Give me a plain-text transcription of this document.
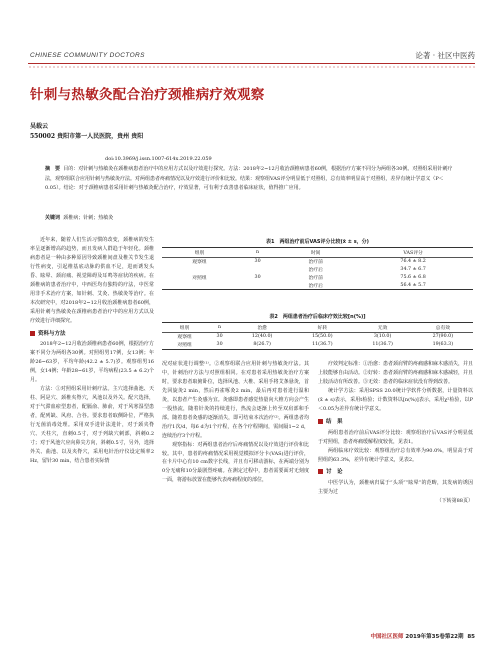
CHINESE COMMUNITY DOCTORS	论著 · 社区中医药
针刺与热敏灸配合治疗颈椎病疗效观察
吴载云
550002 贵阳市第一人民医院，贵州 贵阳
doi:10.3969/j.issn.1007-614x.2019.22.059
摘　要 目的：对针刺与热敏灸在颈椎病患者治疗中的应用方式以及疗效进行探究。方法：2018年2~12月收治颈椎病患者60例，根据治疗方案不同分为两组各30例。对照组采用针刺疗法，观察组联合应用针刺与热敏灸疗法。对两组患者疼痛情况以及疗效进行评价和比较。结果：观察组VAS评分明显低于对照组，总有效率明显高于对照组，差异有统计学意义（P＜0.05）。结论：对于颈椎病患者采用针刺与热敏灸配合治疗，疗效显著，可有利于改善患者临床症状，值得推广应用。
关键词 颈椎病；针刺；热敏灸

近年来，随着人们生活习惯的改变，颈椎病的发生率呈逐渐增高的趋势，而且发病人群趋于年轻化。颈椎病患者是一种由多种原因导致颈椎间盘及椎关节发生退行性病变，引起椎基底动脉的供血不足，进而诱发头昏、眩晕、颈肩痛、视觉障碍及耳鸣等症状的疾病。在颈椎病的患者治疗中，中西医均有独特的疗法，中医常用非手术治疗方案，如针刺、艾灸、热敏灸等治疗。在本次研究中，对2018年2~12月收治颈椎病患者60例，采用针刺与热敏灸在颈椎病患者治疗中的应用方式以及疗效进行详细探究。

资料与方法

2018年2~12月收治颈椎病患者60例，根据治疗方案不同分为两组各30例。对照组男17例，女13例；年龄26~63岁，平均年龄(42.2 ± 5.7)岁。观察组男16例，女14例；年龄28~61岁，平均病程(23.5 ± 6.2)个月。

方法：①对照组采用针刺疗法。主穴选择曲池、天柱、阿是穴、颈椎夹脊穴，风池以及外关。配穴选择，对于气滞血瘀型患者，配膈俞、肺俞，对于风寒湿型患者，配列缺、风府、合谷。要求患者取侧卧位，严格执行无菌消毒处理。采用双手进针法进针，对于颈夹脊穴、天柱穴，直刺0.5寸，对于列缺穴刺部，斜刺0.2寸；对于风池穴应向鼻尖方向，斜刺0.5寸，另外，选择外关、曲池、以及夹脊穴，采用电针治疗仪设定频率2 Hz，留针30 min，结合患者实际情

表1　两组治疗前后VAS评分比较(x̄ ± s，分)
组别	n	时间	VAS评分
观察组	30	治疗前	76.4 ± 8.2
		治疗后	34.7 ± 6.7
对照组	30	治疗前	75.6 ± 6.8
		治疗后	56.4 ± 5.7
表2　两组患者治疗后临床疗效比较[n(%)]
组别	n	治愈	好转	无效	总有效
观察组	30	12(40.0)	15(50.0)	3(10.0)	27(90.0)
对照组	30	8(26.7)	11(36.7)	11(36.7)	19(63.3)

况对症状进行调整⁽¹⁾。②观察组联合应用针刺与热敏灸疗法。其中，针刺治疗方法与对照组相同。在对患者采用热敏灸治疗方案时，要求患者取俯卧位，选择风池、大椎、采用手将艾条悬灸，首先回旋灸2 min，然后再雀啄灸2 min，最后再对患者进行温和灸，以患者产生灸感为宜。灸感即患者感觉热量向大椎方向会产生一股热流，随着针灸的持续进行，热流会逐渐上传至双肩部和手部。随着患者灸感的逐渐消失，即可结束本次治疗⁽²⁾。两组患者均治疗1次/d，每6 d为1个疗程，在各个疗程期间，需间隔1~2 d，连续治疗3个疗程。

观察指标：对两组患者治疗后疼痛情况以及疗效进行评价和比较。其中，患者的疼痛情况采用视觉模拟评分卡(VAS)进行评价，在卡片中心有10 cm数字长线，并且有可移动游标，在两端分别为0分无痛和10分最剧烈疼痛。在测定过程中，患者需要面对无刻度一面，将游标放置在能够代表疼痛程度的部位，

疗效判定标准：①治愈：患者颈肩臂的疼痛感和麻木感消失，并且上肢能够自由活动。②好转：患者颈肩臂的疼痛感和麻木感减轻，并且上肢活动有所改善。③无效：患者的临床症状没有得到改善。

统计学方法：采用SPSS 20.0统计学软件分析数据，计量资料以(x̄ ± s)表示，采用t检验；计数资料以[n(%)]表示，采用χ²检验，以P＜0.05为差异有统计学意义。

结　果

两组患者治疗前后VAS评分比较：观察组治疗后VAS评分明显低于对照组，患者疼痛缓解程度较优，见表1。

两组临床疗效比较：观察组治疗总有效率为90.0%，明显高于对照组的63.3%，差异有统计学意义，见表2。

讨　论

中医学认为，颈椎病归属于“头项”“眩晕”的范畴，其发病的诱因主要为过

（下转第88页）
中国社区医师 2019年第35卷第22期 85
